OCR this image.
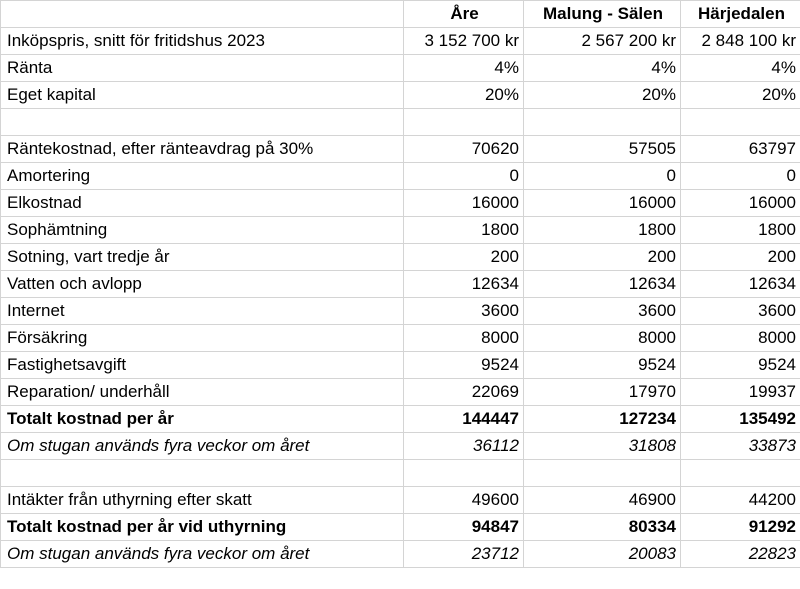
	Åre	Malung - Sälen	Härjedalen
Inköpspris, snitt för fritidshus 2023	3 152 700 kr	2 567 200 kr	2 848 100 kr
Ränta	4%	4%	4%
Eget kapital	20%	20%	20%

Räntekostnad, efter ränteavdrag på 30%	70620	57505	63797
Amortering	0	0	0
Elkostnad	16000	16000	16000
Sophämtning	1800	1800	1800
Sotning, vart tredje år	200	200	200
Vatten och avlopp	12634	12634	12634
Internet	3600	3600	3600
Försäkring	8000	8000	8000
Fastighetsavgift	9524	9524	9524
Reparation/ underhåll	22069	17970	19937
Totalt kostnad per år	144447	127234	135492
Om stugan används fyra veckor om året	36112	31808	33873

Intäkter från uthyrning efter skatt	49600	46900	44200
Totalt kostnad per år vid uthyrning	94847	80334	91292
Om stugan används fyra veckor om året	23712	20083	22823
